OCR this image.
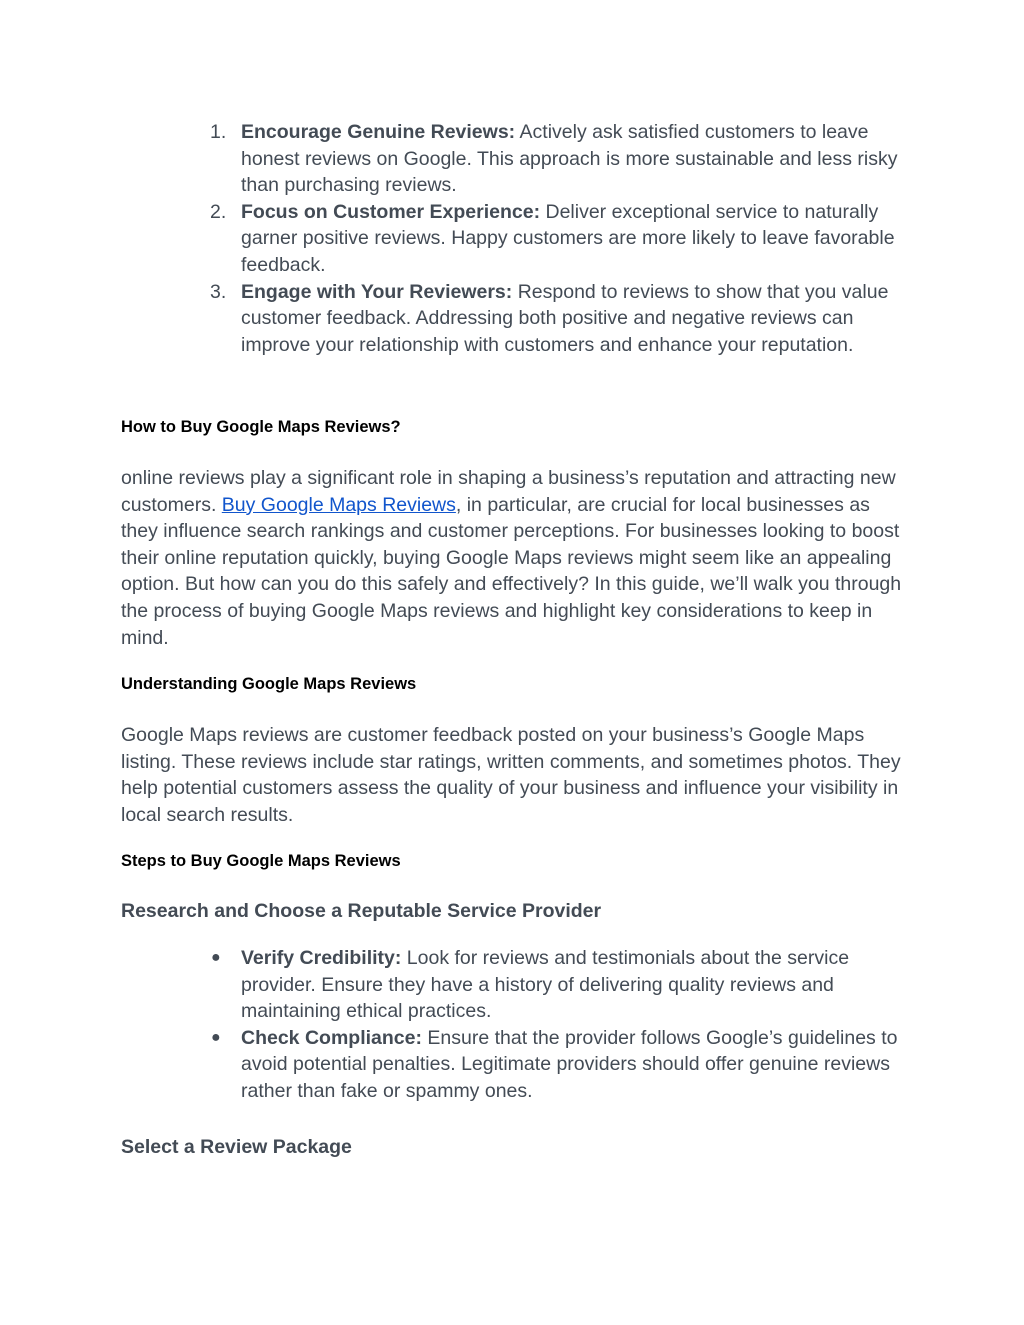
1. Encourage Genuine Reviews: Actively ask satisfied customers to leave honest reviews on Google. This approach is more sustainable and less risky than purchasing reviews.
2. Focus on Customer Experience: Deliver exceptional service to naturally garner positive reviews. Happy customers are more likely to leave favorable feedback.
3. Engage with Your Reviewers: Respond to reviews to show that you value customer feedback. Addressing both positive and negative reviews can improve your relationship with customers and enhance your reputation.
How to Buy Google Maps Reviews?

online reviews play a significant role in shaping a business’s reputation and attracting new customers. Buy Google Maps Reviews, in particular, are crucial for local businesses as they influence search rankings and customer perceptions. For businesses looking to boost their online reputation quickly, buying Google Maps reviews might seem like an appealing option. But how can you do this safely and effectively? In this guide, we’ll walk you through the process of buying Google Maps reviews and highlight key considerations to keep in mind.

Understanding Google Maps Reviews

Google Maps reviews are customer feedback posted on your business’s Google Maps listing. These reviews include star ratings, written comments, and sometimes photos. They help potential customers assess the quality of your business and influence your visibility in local search results.

Steps to Buy Google Maps Reviews
Research and Choose a Reputable Service Provider
●	Verify Credibility: Look for reviews and testimonials about the service provider. Ensure they have a history of delivering quality reviews and maintaining ethical practices.
●	Check Compliance: Ensure that the provider follows Google’s guidelines to avoid potential penalties. Legitimate providers should offer genuine reviews rather than fake or spammy ones.
Select a Review Package
